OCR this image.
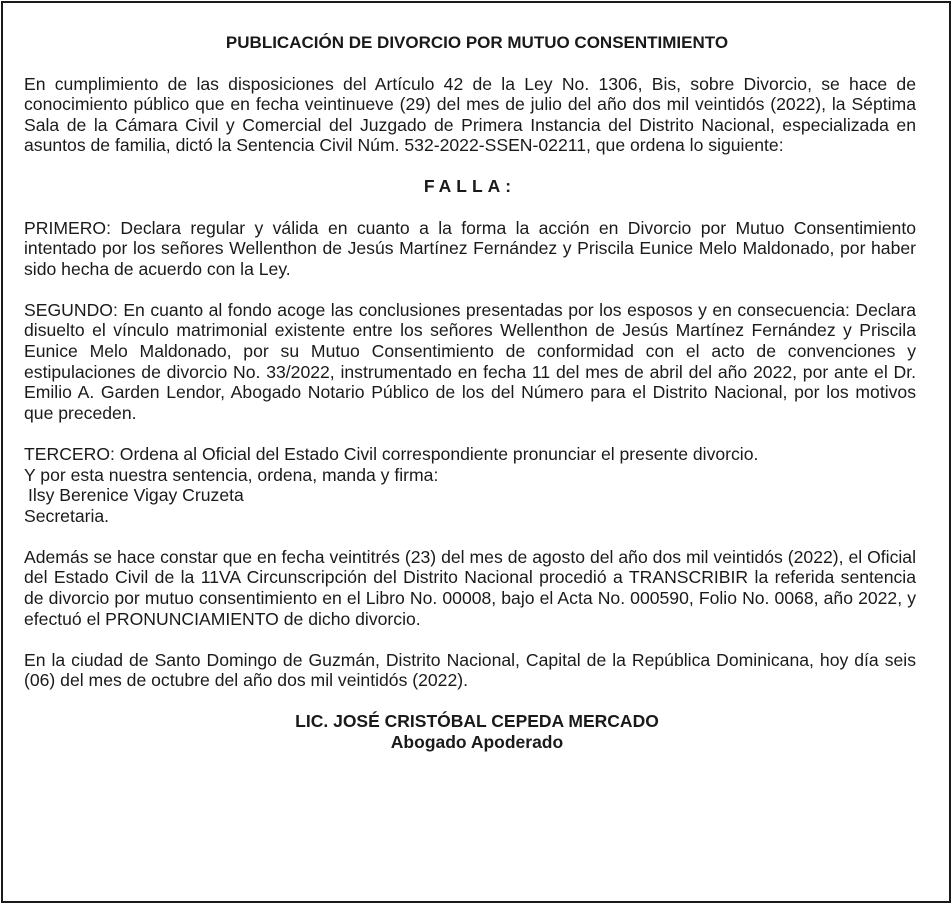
PUBLICACIÓN DE DIVORCIO POR MUTUO CONSENTIMIENTO
En cumplimiento de las disposiciones del Artículo 42 de la Ley No. 1306, Bis, sobre Divorcio, se hace de conocimiento público que en fecha veintinueve (29) del mes de julio del año dos mil veintidós (2022), la Séptima Sala de la Cámara Civil y Comercial del Juzgado de Primera Instancia del Distrito Nacional, especializada en asuntos de familia, dictó la Sentencia Civil Núm. 532-2022-SSEN-02211, que ordena lo siguiente:
FALLA:
PRIMERO: Declara regular y válida en cuanto a la forma la acción en Divorcio por Mutuo Consentimiento intentado por los señores Wellenthon de Jesús Martínez Fernández y Priscila Eunice Melo Maldonado, por haber sido hecha de acuerdo con la Ley.
SEGUNDO: En cuanto al fondo acoge las conclusiones presentadas por los esposos y en consecuencia: Declara disuelto el vínculo matrimonial existente entre los señores Wellenthon de Jesús Martínez Fernández y Priscila Eunice Melo Maldonado, por su Mutuo Consentimiento de conformidad con el acto de convenciones y estipulaciones de divorcio No. 33/2022, instrumentado en fecha 11 del mes de abril del año 2022, por ante el Dr. Emilio A. Garden Lendor, Abogado Notario Público de los del Número para el Distrito Nacional, por los motivos que preceden.
TERCERO: Ordena al Oficial del Estado Civil correspondiente pronunciar el presente divorcio.
Y por esta nuestra sentencia, ordena, manda y firma:
Ilsy Berenice Vigay Cruzeta
Secretaria.
Además se hace constar que en fecha veintitrés (23) del mes de agosto del año dos mil veintidós (2022), el Oficial del Estado Civil de la 11VA Circunscripción del Distrito Nacional procedió a TRANSCRIBIR la referida sentencia de divorcio por mutuo consentimiento en el Libro No. 00008, bajo el Acta No. 000590, Folio No. 0068, año 2022, y efectuó el PRONUNCIAMIENTO de dicho divorcio.
En la ciudad de Santo Domingo de Guzmán, Distrito Nacional, Capital de la República Dominicana, hoy día seis (06) del mes de octubre del año dos mil veintidós (2022).
LIC. JOSÉ CRISTÓBAL CEPEDA MERCADO
Abogado Apoderado
